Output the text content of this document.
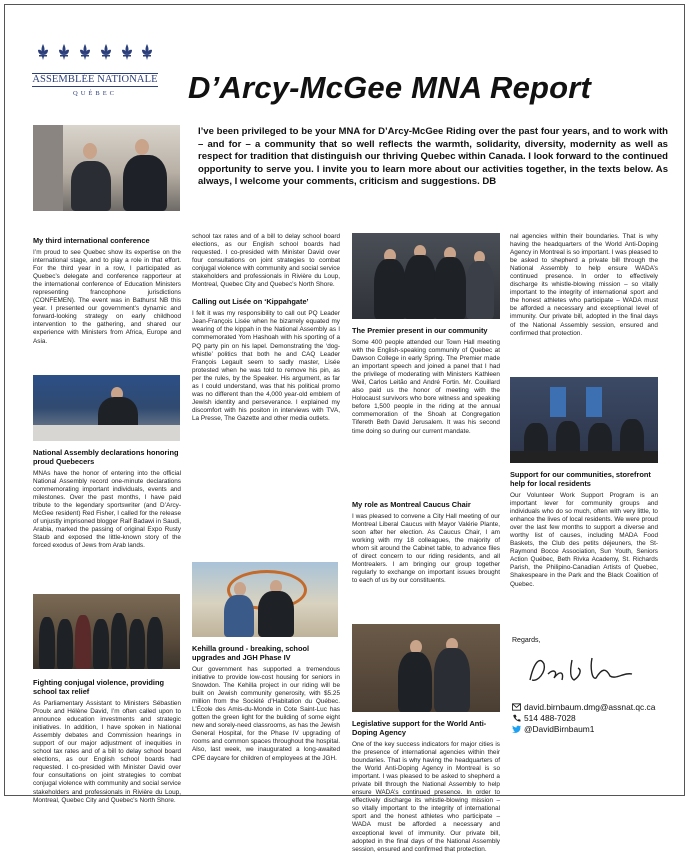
ASSEMBLÉE NATIONALE
QUÉBEC	D’Arcy-McGee MNA Report
I’ve been privileged to be your MNA for D’Arcy-McGee Riding over the past four years, and to work with – and for – a community that so well reflects the warmth, solidarity, diversity, modernity as well as respect for tradition that distinguish our thriving Quebec within Canada. I look forward to the continued opportunity to serve you. I invite you to learn more about our activities together, in the texts below. As always, I welcome your comments, criticism and suggestions. DB
My third international conference

I’m proud to see Quebec show its expertise on the international stage, and to play a role in that effort. For the third year in a row, I participated as Quebec’s delegate and conference rapporteur at the international conference of Education Ministers representing francophone jurisdictions (CONFEMEN). The event was in Bathurst NB this year. I presented our government’s dynamic and forward-looking strategy on early childhood intervention to the gathering, and shared our experience with Ministers from Africa, Europe and Asia.

National Assembly declarations honoring proud Quebecers

MNAs have the honor of entering into the official National Assembly record one-minute declarations commemorating important individuals, events and milestones. Over the past months, I have paid tribute to the legendary sportswriter (and D’Arcy-McGee resident) Red Fisher, I called for the release of unjustly imprisoned blogger Raif Badawi in Saudi, Arabia, marked the passing of original Expo Rusty Staub and exposed the little-known story of the forced exodus of Jews from Arab lands.

Fighting conjugal violence, providing school tax relief

As Parliamentary Assistant to Ministers Sébastien Proulx and Hélène David, I’m often called upon to announce education investments and strategic initiatives. In addition, I have spoken in National Assembly debates and Commission hearings in support of our major adjustment of inequities in school tax rates and of a bill to delay school board elections, as our English school boards had requested. I co-presided with Minister David over four consultations on joint strategies to combat conjugal violence with community and social service stakeholders and professionals in Rivière du Loup, Montreal, Quebec City and Quebec’s North Shore.

school tax rates and of a bill to delay school board elections, as our English school boards had requested. I co-presided with Minister David over four consultations on joint strategies to combat conjugal violence with community and social service stakeholders and professionals in Rivière du Loup, Montreal, Quebec City and Quebec’s North Shore.

Calling out Lisée on ‘Kippahgate’

I felt it was my responsibility to call out PQ Leader Jean-François Lisée when he bizarrely equated my wearing of the kippah in the National Assembly as I commemorated Yom Hashoah with his sporting of a PQ party pin on his lapel. Demonstrating the ‘dog-whistle’ politics that both he and CAQ Leader François Legault seem to sadly master, Lisée protested when he was told to remove his pin, as per the rules, by the Speaker. His argument, as far as I could understand, was that his political promo was no different than the 4,000 year-old emblem of Jewish identity and perseverance. I explained my discomfort with his positon in interviews with TVA, La Presse, The Gazette and other media outlets.

Kehilla ground - breaking, school upgrades and JGH Phase IV

Our government has supported a tremendous initiative to provide low-cost housing for seniors in Snowdon. The Kehilla project in our riding will be built on Jewish community generosity, with $5.25 million from the Société d’Habitation du Québec. L’École des Amis-du-Monde in Cote Saint-Luc has gotten the green light for the building of some eight new and sorely-need classrooms, as has the Jewish General Hospital, for the Phase IV upgrading of rooms and common spaces throughout the hospital. Also, last week, we inaugurated a long-awaited CPE daycare for children of employees at the JGH.

The Premier present in our community

Some 400 people attended our Town Hall meeting with the English-speaking community of Quebec at Dawson College in early Spring. The Premier made an important speech and joined a panel that I had the privilege of moderating with Ministers Kathleen Weil, Carlos Leitão and André Fortin. Mr. Couillard also paid us the honor of meeting with the Holocaust survivors who bore witness and speaking before 1,500 people in the riding at the annual commemoration of the Shoah at Congregation Tifereth Beth David Jerusalem. It was his second time doing so during our current mandate.

My role as Montreal Caucus Chair

I was pleased to convene a City Hall meeting of our Montreal Liberal Caucus with Mayor Valérie Plante, soon after her election. As Caucus Chair, I am working with my 18 colleagues, the majority of whom sit around the Cabinet table, to advance files of direct concern to our riding residents, and all Montrealers. I am bringing our group together regularly to exchange on important issues brought to each of us by our constituents.

Legislative support for the World Anti-Doping Agency

One of the key success indicators for major cities is the presence of international agencies within their boundaries. That is why having the headquarters of the World Anti-Doping Agency in Montreal is so important. I was pleased to be asked to shepherd a private bill through the National Assembly to help ensure WADA’s continued presence. In order to effectively discharge its whistle-blowing mission – so vitally important to the integrity of international sport and the honest athletes who participate – WADA must be afforded a necessary and exceptional level of immunity. Our private bill, adopted in the final days of the National Assembly session, ensured and confirmed that protection.

nal agencies within their boundaries. That is why having the headquarters of the World Anti-Doping Agency in Montreal is so important. I was pleased to be asked to shepherd a private bill through the National Assembly to help ensure WADA’s continued presence. In order to effectively discharge its whistle-blowing mission – so vitally important to the integrity of international sport and the honest athletes who participate – WADA must be afforded a necessary and exceptional level of immunity. Our private bill, adopted in the final days of the National Assembly session, ensured and confirmed that protection.

Support for our communities, storefront help for local residents

Our Volunteer Work Support Program is an important lever for community groups and individuals who do so much, often with very little, to enhance the lives of local residents. We were proud over the last few months to support a diverse and worthy list of causes, including MADA Food Baskets, the Club des petits déjeuners, the St-Raymond Bocce Association, Sun Youth, Seniors Action Québec, Beth Rivka Academy, St. Richards Parish, the Philipino-Canadian Artists of Quebec, Shakespeare in the Park and the Black Coalition of Quebec.

Regards,
david.birnbaum.dmg@assnat.qc.ca
514 488-7028
@DavidBirnbaum1
